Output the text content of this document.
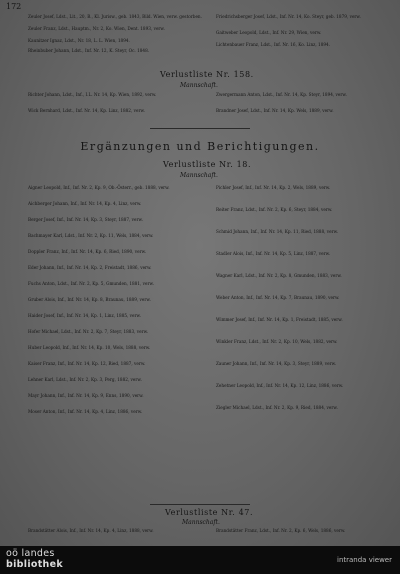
172
Zeuler Josef, Ldst., Lit., 20, B., Kl. Jurisw., geb. 1843, Bild. Wien, verw. gestorben.
Zeuler Franz, Ldst., Hauptm., Nr. 2, Ko. Wien, Dent. 1893, verw.
Kaunitzer Ignaz, Ldst., Nr. 18, L. L. Wien, 1894.
Rheinbuber Johann, Ldst., Inf. Nr. 12, K. Steyr, Oc. 1848.
Friedrichsberger Josef, Ldst., Inf. Nr. 14, Ko. Steyr, geb. 1879, verw.
Gaitweber Leopold, Ldst., Inf. Nr. 29, Wien, verw.
Lichtenbauer Franz, Ldst., Inf. Nr. 16, Ko. Linz, 1894.
Verlustliste Nr. 158.
Mannschaft.
Richter Johann, Ldst., Inf., I.L. Nr. 14, Kp. Wien, 1892, verw.
Wick Bernhard, Ldst., Inf. Nr. 14, Kp. Linz, 1882, verw.
Zwergermann Anton, Ldst., Inf. Nr. 14, Kp. Steyr, 1894, verw.
Brandner Josef, Ldst., Inf. Nr. 14, Kp. Wels, 1889, verw.
Ergänzungen und Berichtigungen.
Verlustliste Nr. 18.
Mannschaft.
Aigner Leopold, Inf., Inf. Nr. 2, Kp. 9, Ob.-Österr., geb. 1888, verw.
Aichberger Johann, Inf., Inf. Nr. 14, Kp. 4, Linz, verw.
Berger Josef, Inf., Inf. Nr. 14, Kp. 3, Steyr, 1887, verw.
Bachmayer Karl, Ldst., Inf. Nr. 2, Kp. 11, Wels, 1884, verw.
Doppler Franz, Inf., Inf. Nr. 14, Kp. 6, Ried, 1890, verw.
Eder Johann, Inf., Inf. Nr. 14, Kp. 2, Freistadt, 1886, verw.
Fuchs Anton, Ldst., Inf. Nr. 2, Kp. 5, Gmunden, 1881, verw.
Gruber Alois, Inf., Inf. Nr. 14, Kp. 8, Braunau, 1889, verw.
Haider Josef, Inf., Inf. Nr. 14, Kp. 1, Linz, 1885, verw.
Hofer Michael, Ldst., Inf. Nr. 2, Kp. 7, Steyr, 1883, verw.
Huber Leopold, Inf., Inf. Nr. 14, Kp. 10, Wels, 1888, verw.
Kaiser Franz, Inf., Inf. Nr. 14, Kp. 12, Ried, 1887, verw.
Lehner Karl, Ldst., Inf. Nr. 2, Kp. 3, Perg, 1882, verw.
Mayr Johann, Inf., Inf. Nr. 14, Kp. 9, Enns, 1890, verw.
Moser Anton, Inf., Inf. Nr. 14, Kp. 4, Linz, 1886, verw.
Pichler Josef, Inf., Inf. Nr. 14, Kp. 2, Wels, 1889, verw.
Reiter Franz, Ldst., Inf. Nr. 2, Kp. 6, Steyr, 1884, verw.
Schmid Johann, Inf., Inf. Nr. 14, Kp. 11, Ried, 1888, verw.
Stadler Alois, Inf., Inf. Nr. 14, Kp. 5, Linz, 1887, verw.
Wagner Karl, Ldst., Inf. Nr. 2, Kp. 8, Gmunden, 1883, verw.
Weber Anton, Inf., Inf. Nr. 14, Kp. 7, Braunau, 1890, verw.
Wimmer Josef, Inf., Inf. Nr. 14, Kp. 1, Freistadt, 1885, verw.
Winkler Franz, Ldst., Inf. Nr. 2, Kp. 10, Wels, 1882, verw.
Zauner Johann, Inf., Inf. Nr. 14, Kp. 3, Steyr, 1889, verw.
Zehetner Leopold, Inf., Inf. Nr. 14, Kp. 12, Linz, 1886, verw.
Ziegler Michael, Ldst., Inf. Nr. 2, Kp. 9, Ried, 1884, verw.
Verlustliste Nr. 47.
Mannschaft.
Brandstätter Alois, Inf., Inf. Nr. 14, Kp. 4, Linz, 1888, verw.	Brandstätter Franz, Ldst., Inf. Nr. 2, Kp. 6, Wels, 1886, verw.
oö landes
bibliothek	intranda viewer
